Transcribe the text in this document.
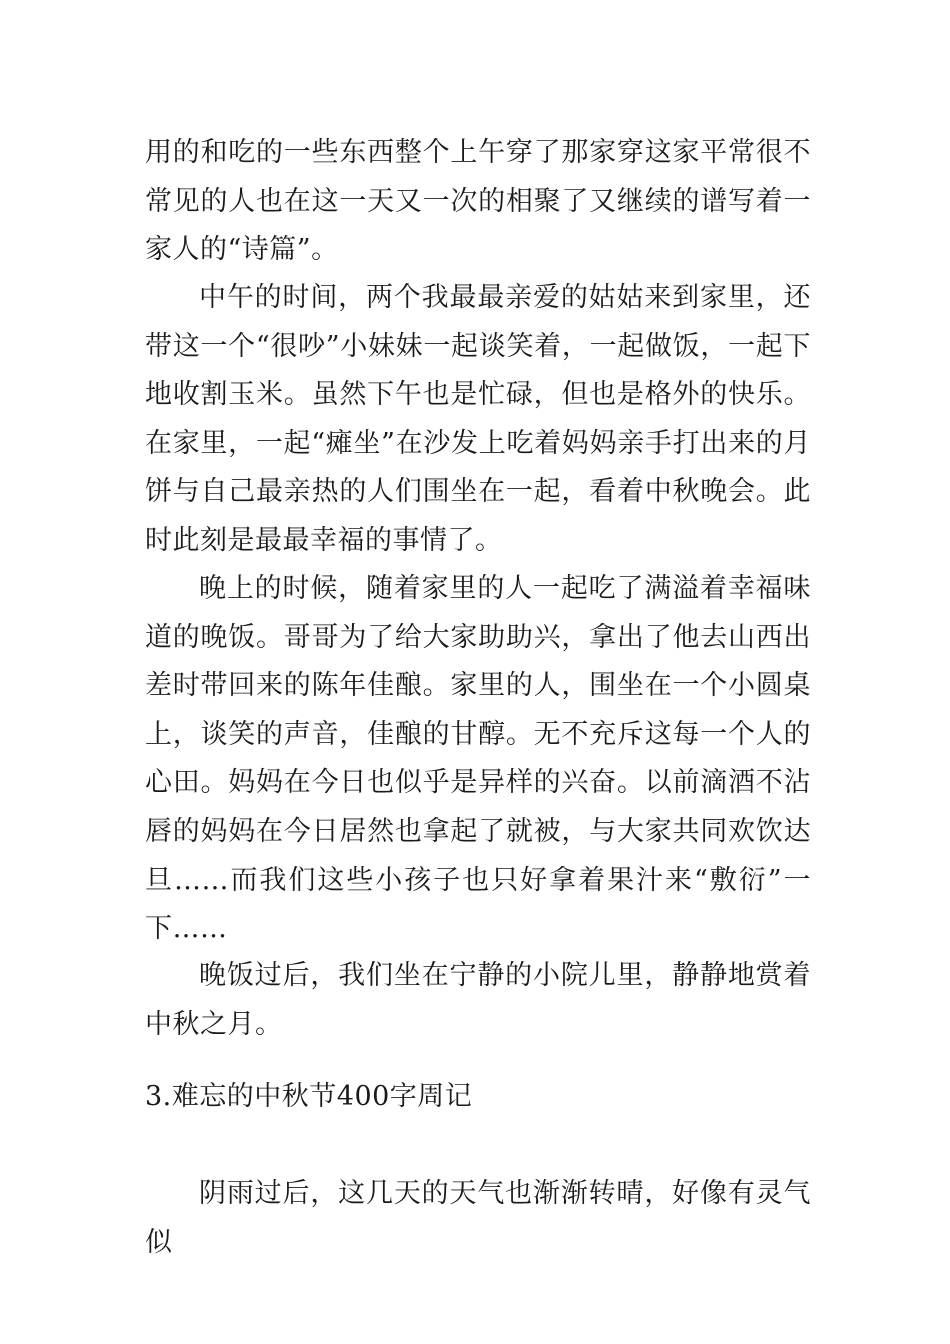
用的和吃的一些东西整个上午穿了那家穿这家平常很不常见的人也在这一天又一次的相聚了又继续的谱写着一家人的“诗篇”。

中午的时间，两个我最最亲爱的姑姑来到家里，还带这一个“很吵”小妹妹一起谈笑着，一起做饭，一起下地收割玉米。虽然下午也是忙碌，但也是格外的快乐。在家里，一起“瘫坐”在沙发上吃着妈妈亲手打出来的月饼与自己最亲热的人们围坐在一起，看着中秋晚会。此时此刻是最最幸福的事情了。

晚上的时候，随着家里的人一起吃了满溢着幸福味道的晚饭。哥哥为了给大家助助兴，拿出了他去山西出差时带回来的陈年佳酿。家里的人，围坐在一个小圆桌上，谈笑的声音，佳酿的甘醇。无不充斥这每一个人的心田。妈妈在今日也似乎是异样的兴奋。以前滴酒不沾唇的妈妈在今日居然也拿起了就被，与大家共同欢饮达旦……而我们这些小孩子也只好拿着果汁来“敷衍”一下……

晚饭过后，我们坐在宁静的小院儿里，静静地赏着中秋之月。

3.难忘的中秋节400字周记

阴雨过后，这几天的天气也渐渐转晴，好像有灵气似
